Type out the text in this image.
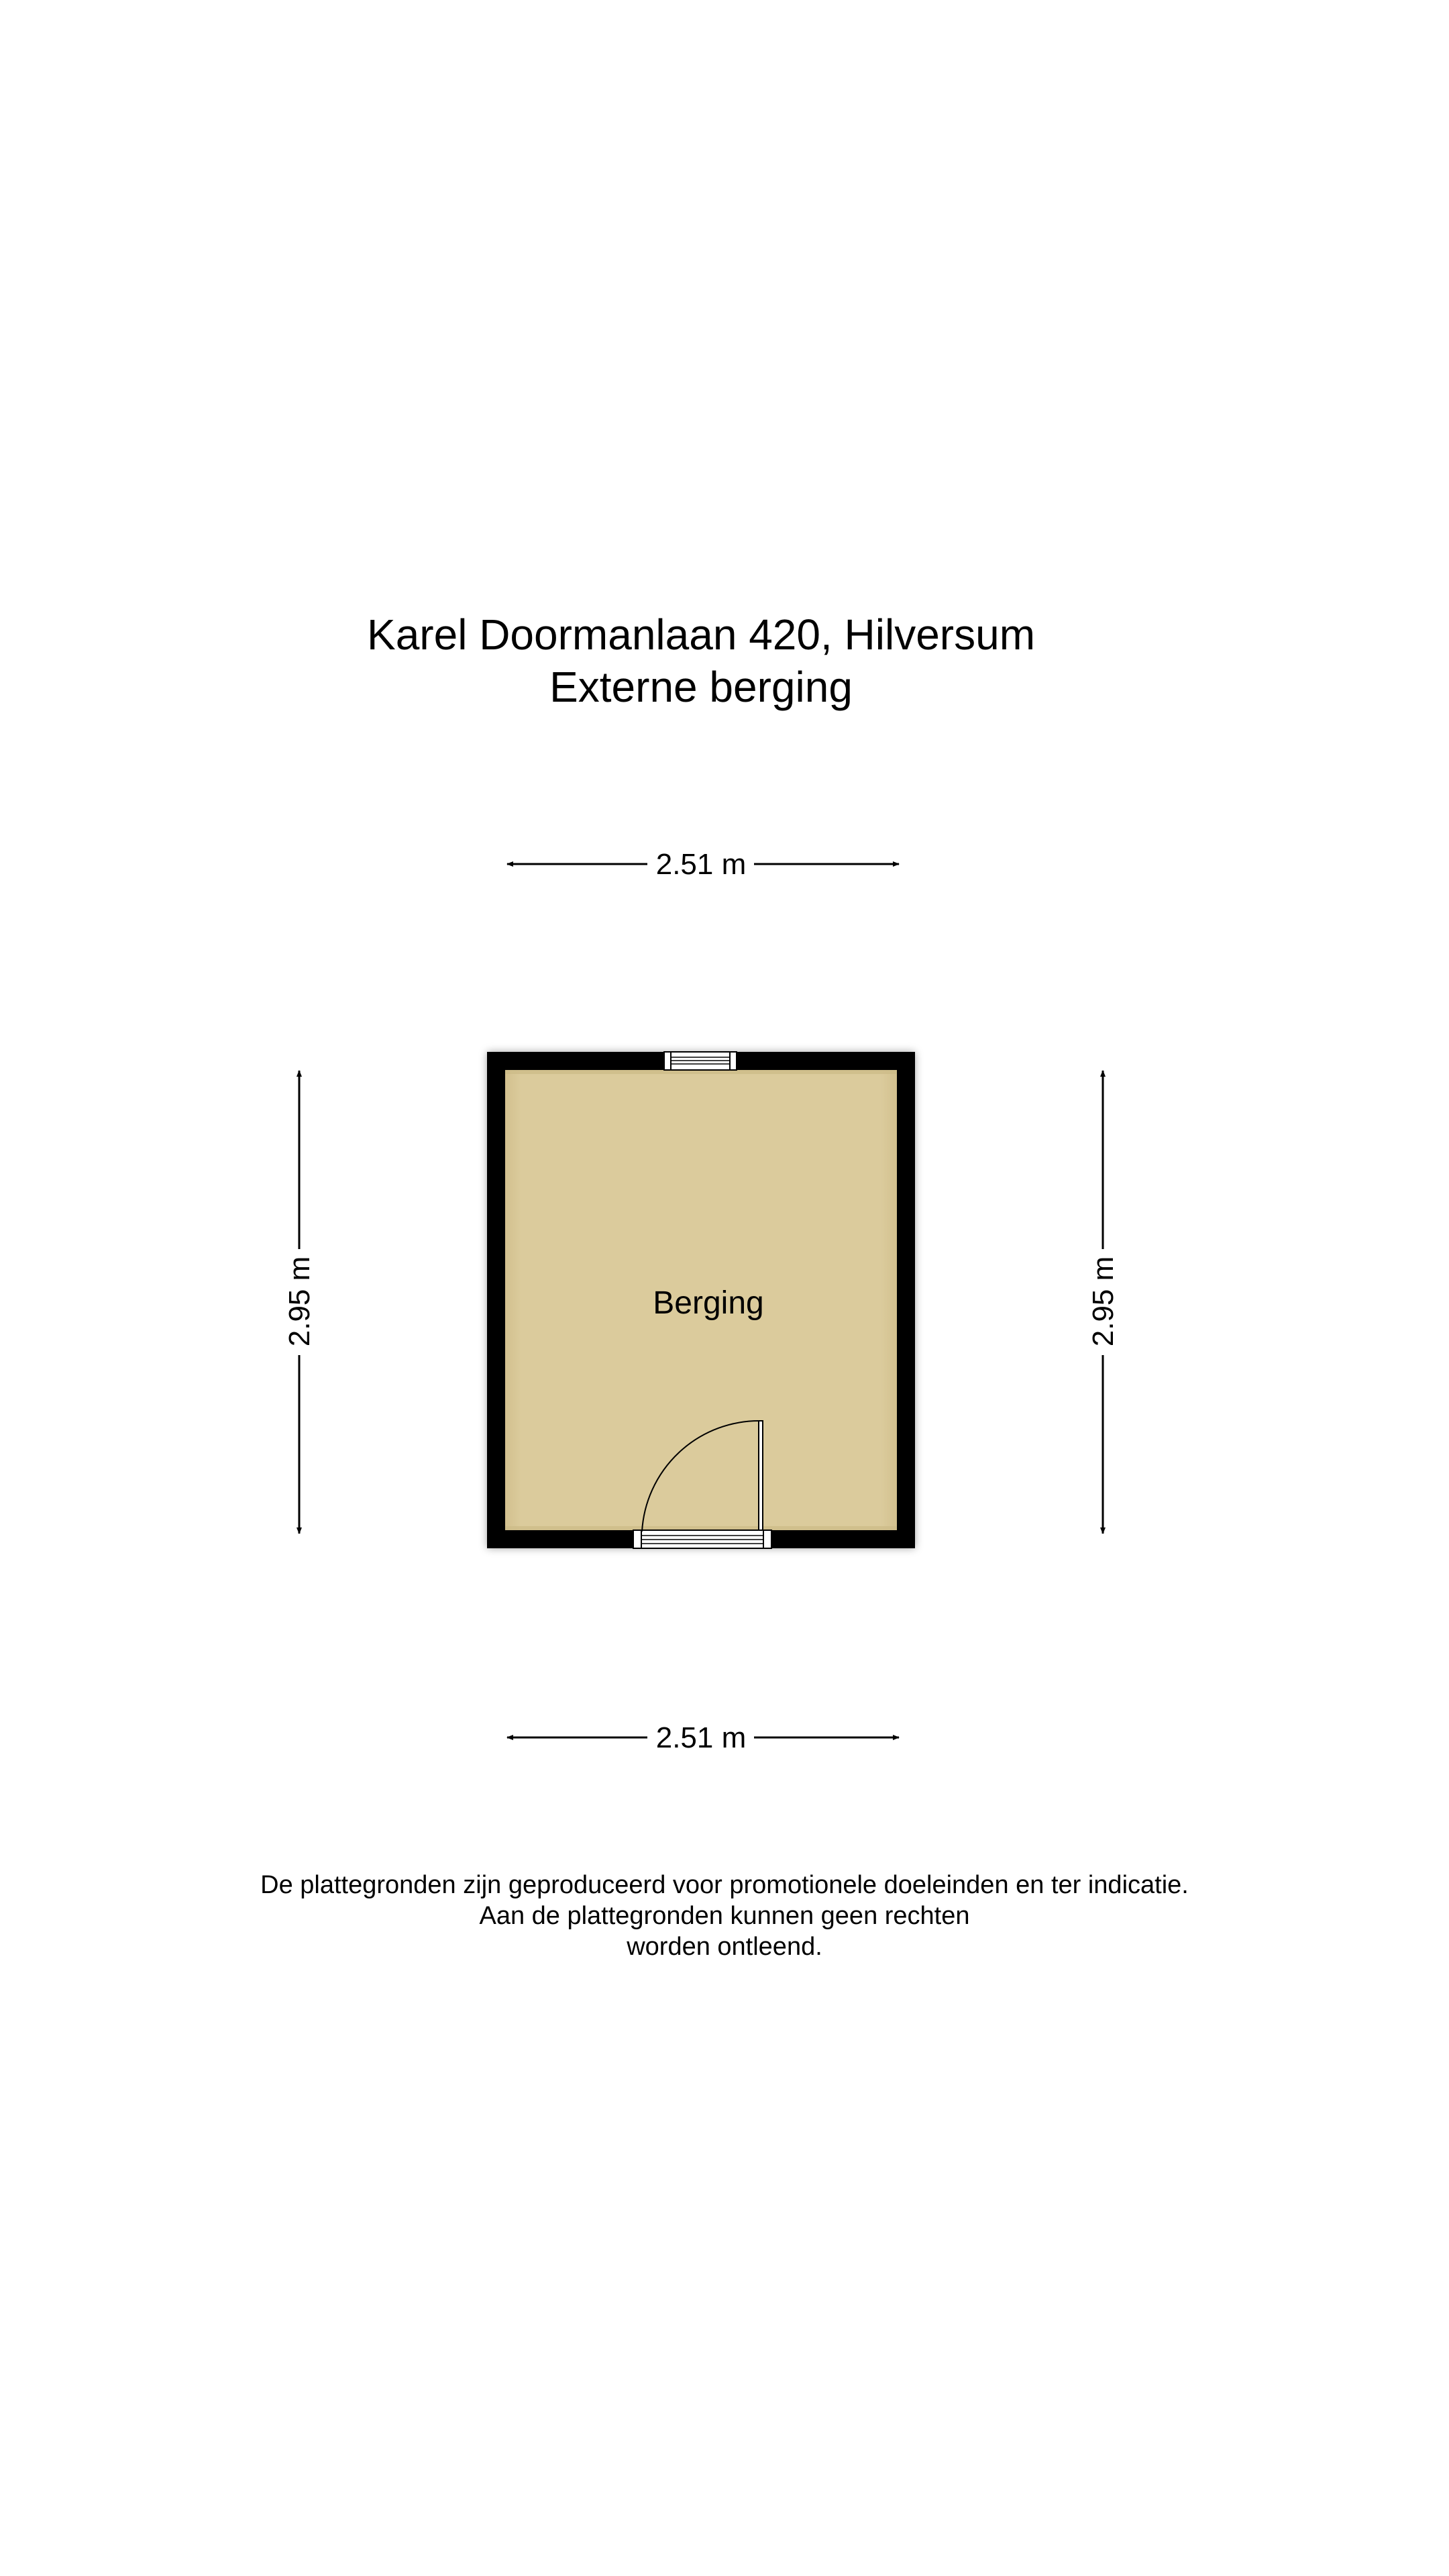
Karel Doormanlaan 420, Hilversum
Externe berging
2.51 m
2.51 m
2.95 m	2.95 m
Berging
De plattegronden zijn geproduceerd voor promotionele doeleinden en ter indicatie.
Aan de plattegronden kunnen geen rechten
worden ontleend.
